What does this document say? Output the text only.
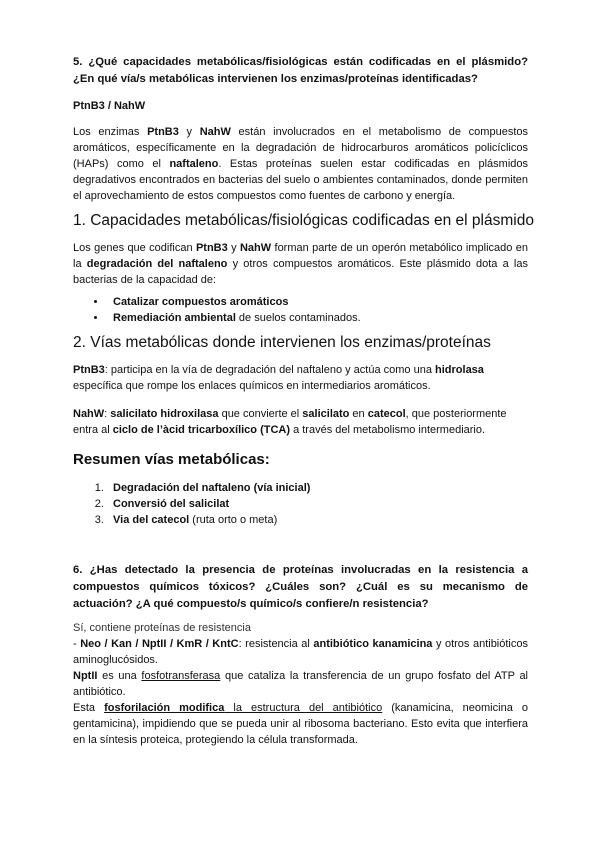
5. ¿Qué capacidades metabólicas/fisiológicas están codificadas en el plásmido? ¿En qué vía/s metabólicas intervienen los enzimas/proteínas identificadas?
PtnB3 / NahW
Los enzimas PtnB3 y NahW están involucrados en el metabolismo de compuestos aromáticos, específicamente en la degradación de hidrocarburos aromáticos policíclicos (HAPs) como el naftaleno. Estas proteínas suelen estar codificadas en plásmidos degradativos encontrados en bacterias del suelo o ambientes contaminados, donde permiten el aprovechamiento de estos compuestos como fuentes de carbono y energía.
1. Capacidades metabólicas/fisiológicas codificadas en el plásmido
Los genes que codifican PtnB3 y NahW forman parte de un operón metabólico implicado en la degradación del naftaleno y otros compuestos aromáticos. Este plásmido dota a las bacterias de la capacidad de:
• Catalizar compuestos aromáticos
• Remediación ambiental de suelos contaminados.
2. Vías metabólicas donde intervienen los enzimas/proteínas
PtnB3: participa en la vía de degradación del naftaleno y actúa como una hidrolasa específica que rompe los enlaces químicos en intermediarios aromáticos.
NahW: salicilato hidroxilasa que convierte el salicilato en catecol, que posteriormente entra al ciclo de l’àcid tricarboxílico (TCA) a través del metabolismo intermediario.
Resumen vías metabólicas:
1. Degradación del naftaleno (vía inicial)
2. Conversió del salicilat
3. Via del catecol (ruta orto o meta)
6. ¿Has detectado la presencia de proteínas involucradas en la resistencia a compuestos químicos tóxicos? ¿Cuáles son? ¿Cuál es su mecanismo de actuación? ¿A qué compuesto/s químico/s confiere/n resistencia?
Sí, contiene proteínas de resistencia
- Neo / Kan / NptII / KmR / KntC: resistencia al antibiótico kanamicina y otros antibióticos aminoglucósidos.
NptII es una fosfotransferasa que cataliza la transferencia de un grupo fosfato del ATP al antibiótico.
Esta fosforilación modifica la estructura del antibiótico (kanamicina, neomicina o gentamicina), impidiendo que se pueda unir al ribosoma bacteriano. Esto evita que interfiera en la síntesis proteica, protegiendo la célula transformada.
